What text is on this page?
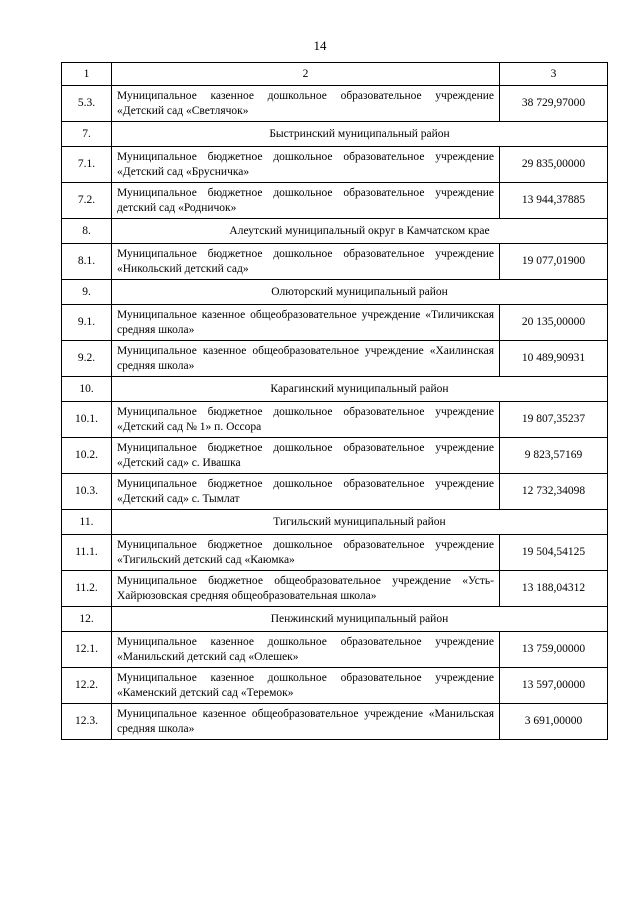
14
1	2	3
5.3.	Муниципальное казенное дошкольное образовательное учреждение «Детский сад «Светлячок»	38 729,97000
7.	Быстринский муниципальный район	
7.1.	Муниципальное бюджетное дошкольное образовательное учреждение «Детский сад «Брусничка»	29 835,00000
7.2.	Муниципальное бюджетное дошкольное образовательное учреждение детский сад «Родничок»	13 944,37885
8.	Алеутский муниципальный округ в Камчатском крае	
8.1.	Муниципальное бюджетное дошкольное образовательное учреждение «Никольский детский сад»	19 077,01900
9.	Олюторский муниципальный район	
9.1.	Муниципальное казенное общеобразовательное учреждение «Тиличикская средняя школа»	20 135,00000
9.2.	Муниципальное казенное общеобразовательное учреждение «Хаилинская средняя школа»	10 489,90931
10.	Карагинский муниципальный район	
10.1.	Муниципальное бюджетное дошкольное образовательное учреждение «Детский сад № 1» п. Оссора	19 807,35237
10.2.	Муниципальное бюджетное дошкольное образовательное учреждение «Детский сад» с. Ивашка	9 823,57169
10.3.	Муниципальное бюджетное дошкольное образовательное учреждение «Детский сад» с. Тымлат	12 732,34098
11.	Тигильский муниципальный район	
11.1.	Муниципальное бюджетное дошкольное образовательное учреждение «Тигильский детский сад «Каюмка»	19 504,54125
11.2.	Муниципальное бюджетное общеобразовательное учреждение «Усть-Хайрюзовская средняя общеобразовательная школа»	13 188,04312
12.	Пенжинский муниципальный район	
12.1.	Муниципальное казенное дошкольное образовательное учреждение «Манильский детский сад «Олешек»	13 759,00000
12.2.	Муниципальное казенное дошкольное образовательное учреждение «Каменский детский сад «Теремок»	13 597,00000
12.3.	Муниципальное казенное общеобразовательное учреждение «Манильская средняя школа»	3 691,00000
